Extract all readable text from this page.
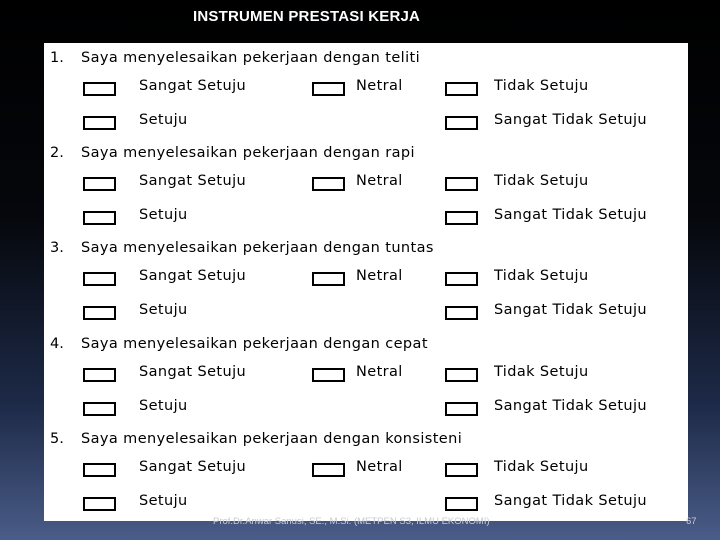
INSTRUMEN PRESTASI KERJA
1. Saya menyelesaikan pekerjaan dengan teliti
Sangat Setuju	Netral	Tidak Setuju
Setuju	Sangat Tidak Setuju
2. Saya menyelesaikan pekerjaan dengan rapi
Sangat Setuju	Netral	Tidak Setuju
Setuju	Sangat Tidak Setuju
3. Saya menyelesaikan pekerjaan dengan tuntas
Sangat Setuju	Netral	Tidak Setuju
Setuju	Sangat Tidak Setuju
4. Saya menyelesaikan pekerjaan dengan cepat
Sangat Setuju	Netral	Tidak Setuju
Setuju	Sangat Tidak Setuju
5. Saya menyelesaikan pekerjaan dengan konsisteni
Sangat Setuju	Netral	Tidak Setuju
Setuju	Sangat Tidak Setuju
Prof.Dr.Anwar Sanusi, SE., M.Si. (METPEN S3, ILMU EKONOMI)	67
